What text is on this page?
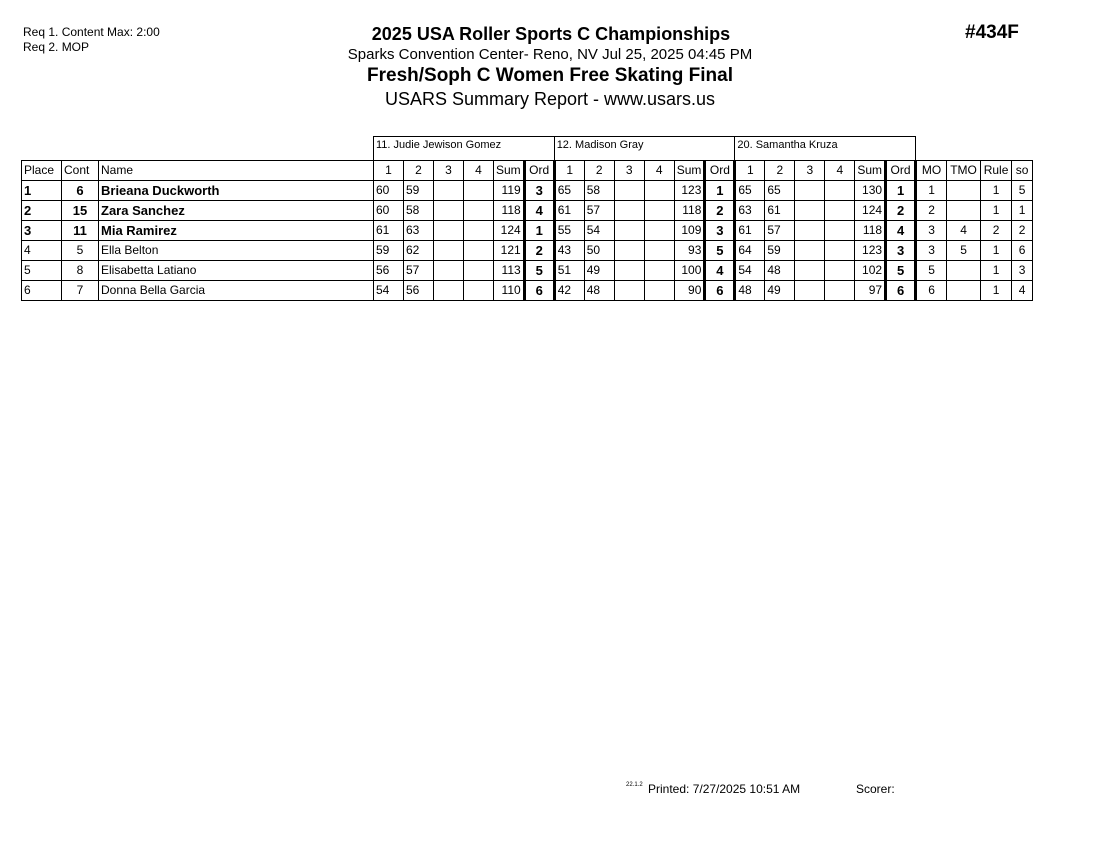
Req 1. Content Max: 2:00
Req 2. MOP
#434F
2025 USA Roller Sports C Championships
Sparks Convention Center- Reno, NV Jul 25, 2025 04:45 PM
Fresh/Soph C Women Free Skating Final
USARS Summary Report - www.usars.us
			11. Judie Jewison Gomez						12. Madison Gray						20. Samantha Kruza									
Place	Cont	Name	1	2	3	4	Sum	Ord	1	2	3	4	Sum	Ord	1	2	3	4	Sum	Ord	MO	TMO	Rule	so
1	6	Brieana Duckworth	60	59			119	3	65	58			123	1	65	65			130	1	1		1	5
2	15	Zara Sanchez	60	58			118	4	61	57			118	2	63	61			124	2	2		1	1
3	11	Mia Ramirez	61	63			124	1	55	54			109	3	61	57			118	4	3	4	2	2
4	5	Ella Belton	59	62			121	2	43	50			93	5	64	59			123	3	3	5	1	6
5	8	Elisabetta Latiano	56	57			113	5	51	49			100	4	54	48			102	5	5		1	3
6	7	Donna Bella Garcia	54	56			110	6	42	48			90	6	48	49			97	6	6		1	4
22.1.2 Printed: 7/27/2025 10:51 AM	Scorer:
